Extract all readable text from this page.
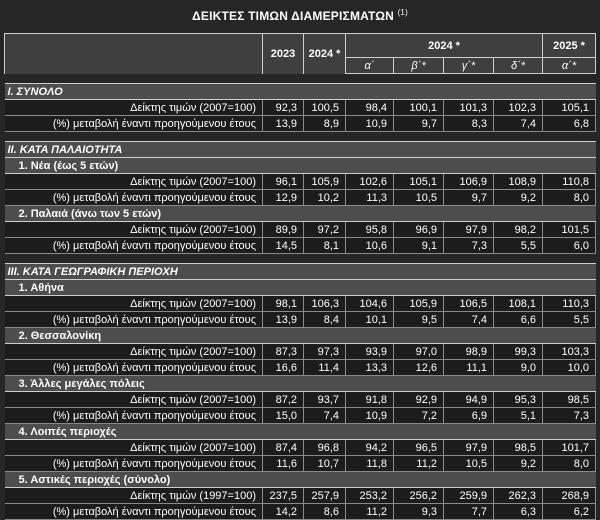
ΔΕΙΚΤΕΣ ΤΙΜΩΝ ΔΙΑΜΕΡΙΣΜΑΤΩΝ $^{(1)}$
	2023	2024 *	2024 *				2025 *
			α΄	β΄*	γ΄*	δ΄*	α΄*

I. ΣΥΝΟΛΟ							
Δείκτης τιμών (2007=100)	92,3	100,5	98,4	100,1	101,3	102,3	105,1
(%) μεταβολή έναντι προηγούμενου έτους	13,9	8,9	10,9	9,7	8,3	7,4	6,8

II. ΚΑΤΑ ΠΑΛΑΙΟΤΗΤΑ							
1. Νέα (έως 5 ετών)							
Δείκτης τιμών (2007=100)	96,1	105,9	102,6	105,1	106,9	108,9	110,8
(%) μεταβολή έναντι προηγούμενου έτους	12,9	10,2	11,3	10,5	9,7	9,2	8,0
2. Παλαιά (άνω των 5 ετών)							
Δείκτης τιμών (2007=100)	89,9	97,2	95,8	96,9	97,9	98,2	101,5
(%) μεταβολή έναντι προηγούμενου έτους	14,5	8,1	10,6	9,1	7,3	5,5	6,0

III. ΚΑΤΑ ΓΕΩΓΡΑΦΙΚΗ ΠΕΡΙΟΧΗ							
1. Αθήνα							
Δείκτης τιμών (2007=100)	98,1	106,3	104,6	105,9	106,5	108,1	110,3
(%) μεταβολή έναντι προηγούμενου έτους	13,9	8,4	10,1	9,5	7,4	6,6	5,5
2. Θεσσαλονίκη							
Δείκτης τιμών (2007=100)	87,3	97,3	93,9	97,0	98,9	99,3	103,3
(%) μεταβολή έναντι προηγούμενου έτους	16,6	11,4	13,3	12,6	11,1	9,0	10,0
3. Άλλες μεγάλες πόλεις							
Δείκτης τιμών (2007=100)	87,2	93,7	91,8	92,9	94,9	95,3	98,5
(%) μεταβολή έναντι προηγούμενου έτους	15,0	7,4	10,9	7,2	6,9	5,1	7,3
4. Λοιπές περιοχές							
Δείκτης τιμών (2007=100)	87,4	96,8	94,2	96,5	97,9	98,5	101,7
(%) μεταβολή έναντι προηγούμενου έτους	11,6	10,7	11,8	11,2	10,5	9,2	8,0
5. Αστικές περιοχές (σύνολο)							
Δείκτης τιμών (1997=100)	237,5	257,9	253,2	256,2	259,9	262,3	268,9
(%) μεταβολή έναντι προηγούμενου έτους	14,2	8,6	11,2	9,3	7,7	6,3	6,2
